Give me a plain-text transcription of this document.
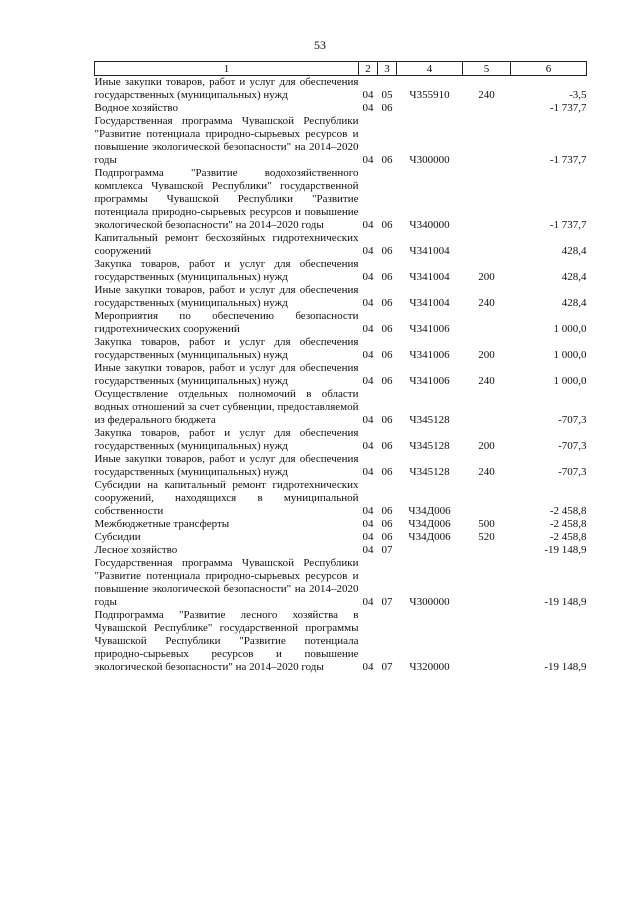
53
1	2	3	4	5	6
Иные закупки товаров, работ и услуг для обеспечения государственных (муниципальных) нужд	04	05	Ч355910	240	-3,5
Водное хозяйство	04	06			-1 737,7
Государственная программа Чувашской Республики "Развитие потенциала природно-сырьевых ресурсов и повышение экологической безопасности" на 2014–2020 годы	04	06	Ч300000		-1 737,7
Подпрограмма "Развитие водохозяйственного комплекса Чувашской Республики" государственной программы Чувашской Республики "Развитие потенциала природно-сырьевых ресурсов и повышение экологической безопасности" на 2014–2020 годы	04	06	Ч340000		-1 737,7
Капитальный ремонт бесхозяйных гидротехнических сооружений	04	06	Ч341004		428,4
Закупка товаров, работ и услуг для обеспечения государственных (муниципальных) нужд	04	06	Ч341004	200	428,4
Иные закупки товаров, работ и услуг для обеспечения государственных (муниципальных) нужд	04	06	Ч341004	240	428,4
Мероприятия по обеспечению безопасности гидротехнических сооружений	04	06	Ч341006		1 000,0
Закупка товаров, работ и услуг для обеспечения государственных (муниципальных) нужд	04	06	Ч341006	200	1 000,0
Иные закупки товаров, работ и услуг для обеспечения государственных (муниципальных) нужд	04	06	Ч341006	240	1 000,0
Осуществление отдельных полномочий в области водных отношений за счет субвенции, предоставляемой из федерального бюджета	04	06	Ч345128		-707,3
Закупка товаров, работ и услуг для обеспечения государственных (муниципальных) нужд	04	06	Ч345128	200	-707,3
Иные закупки товаров, работ и услуг для обеспечения государственных (муниципальных) нужд	04	06	Ч345128	240	-707,3
Субсидии на капитальный ремонт гидротехнических сооружений, находящихся в муниципальной собственности	04	06	Ч34Д006		-2 458,8
Межбюджетные трансферты	04	06	Ч34Д006	500	-2 458,8
Субсидии	04	06	Ч34Д006	520	-2 458,8
Лесное хозяйство	04	07			-19 148,9
Государственная программа Чувашской Республики "Развитие потенциала природно-сырьевых ресурсов и повышение экологической безопасности" на 2014–2020 годы	04	07	Ч300000		-19 148,9
Подпрограмма "Развитие лесного хозяйства в Чувашской Республике" государственной программы Чувашской Республики "Развитие потенциала природно-сырьевых ресурсов и повышение экологической безопасности" на 2014–2020 годы	04	07	Ч320000		-19 148,9
